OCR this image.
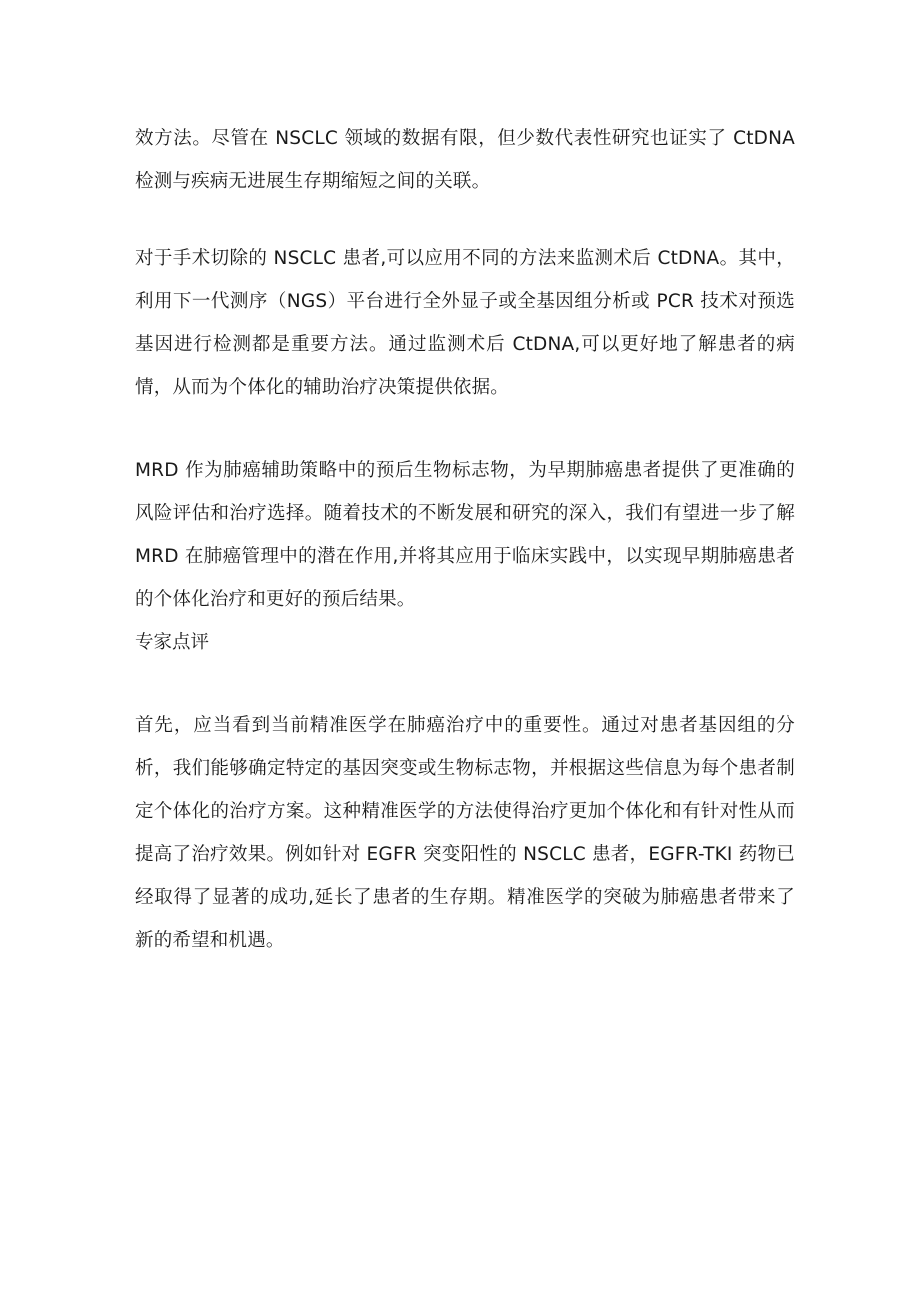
效方法。尽管在 NSCLC 领域的数据有限，但少数代表性研究也证实了 CtDNA 检测与疾病无进展生存期缩短之间的关联。

对于手术切除的 NSCLC 患者,可以应用不同的方法来监测术后 CtDNA。其中，利用下一代测序（NGS）平台进行全外显子或全基因组分析或 PCR 技术对预选基因进行检测都是重要方法。通过监测术后 CtDNA,可以更好地了解患者的病情，从而为个体化的辅助治疗决策提供依据。

MRD 作为肺癌辅助策略中的预后生物标志物，为早期肺癌患者提供了更准确的风险评估和治疗选择。随着技术的不断发展和研究的深入，我们有望进一步了解 MRD 在肺癌管理中的潜在作用,并将其应用于临床实践中，以实现早期肺癌患者的个体化治疗和更好的预后结果。

专家点评

首先，应当看到当前精准医学在肺癌治疗中的重要性。通过对患者基因组的分析，我们能够确定特定的基因突变或生物标志物，并根据这些信息为每个患者制定个体化的治疗方案。这种精准医学的方法使得治疗更加个体化和有针对性从而提高了治疗效果。例如针对 EGFR 突变阳性的 NSCLC 患者，EGFR-TKI 药物已经取得了显著的成功,延长了患者的生存期。精准医学的突破为肺癌患者带来了新的希望和机遇。
